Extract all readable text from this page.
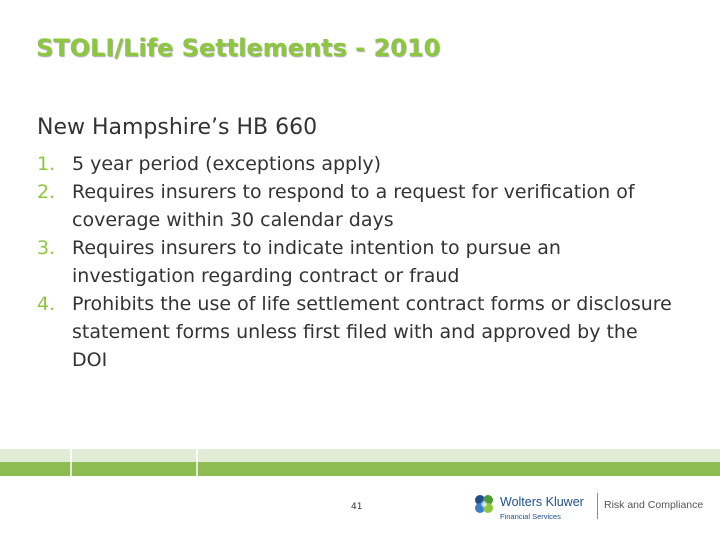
STOLI/Life Settlements - 2010
New Hampshire’s HB 660
1. 5 year period (exceptions apply)
2. Requires insurers to respond to a request for verification of coverage within 30 calendar days
3. Requires insurers to indicate intention to pursue an investigation regarding contract or fraud
4. Prohibits the use of life settlement contract forms or disclosure statement forms unless first filed with and approved by the DOI
41	Wolters Kluwer
Financial Services
Risk and Compliance
